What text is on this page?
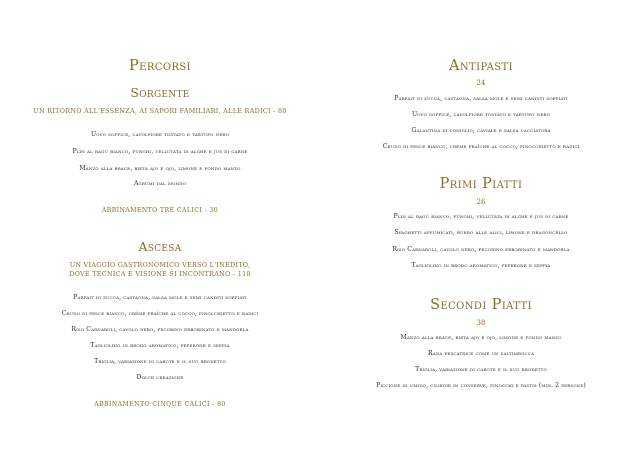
Percorsi
Sorgente
UN RITORNO ALL'ESSENZA, AI SAPORI FAMILIARI, ALLE RADICI - 80
Uovo soffice, cavolfiore tostato e tartufo nero
Plin al ragù bianco, funghi, vellutata di alghe e jus di carne
Manzo alla brace, bieta ajo e ojo, limone e fondo manzo
Agrumi dal mondo
ABBINAMENTO TRE CALICI - 30
Ascesa
UN VIAGGIO GASTRONOMICO VERSO L'INEDITO,
DOVE TECNICA E VISIONE SI INCONTRANO - 110
Parfait di zucca, castagna, salsa mole e semi canditi soffiati
Crudo di pesce bianco, crème fraîche al cocco, finocchietto e radici
Riso Carnaroli, cavolo nero, pecorino erborinato e mandorla
Tagliolino in brodo aromatico, peperone e seppia
Triglia, variazione di carote e il suo brodetto
Dolce creazione
ABBINAMENTO CINQUE CALICI - 80
Antipasti
24
Parfait di zucca, castagna, salsa mole e semi canditi soffiati
Uovo soffice, cavolfiore tostato e tartufo nero
Galantina di coniglio, caviale e salsa cacciatora
Crudo di pesce bianco, crème fraîche al cocco, finocchietto e radici
Primi Piatti
26
Plin al ragù bianco, funghi, vellutata di alghe e jus di carne
Spaghetti affumicati, burro alle alici, limone e dragoncello
Riso Carnaroli, cavolo nero, pecorino erborinato e mandorla
Tagliolino in brodo aromatico, peperone e seppia
Secondi Piatti
38
Manzo alla brace, bieta ajo e ojo, limone e fondo manzo
Rana pescatrice come un saltimbocca
Triglia, variazione di carote e il suo brodetto
Piccione in umido, ciliegie in conserve, finocchi e pastis (min. 2 persone)
